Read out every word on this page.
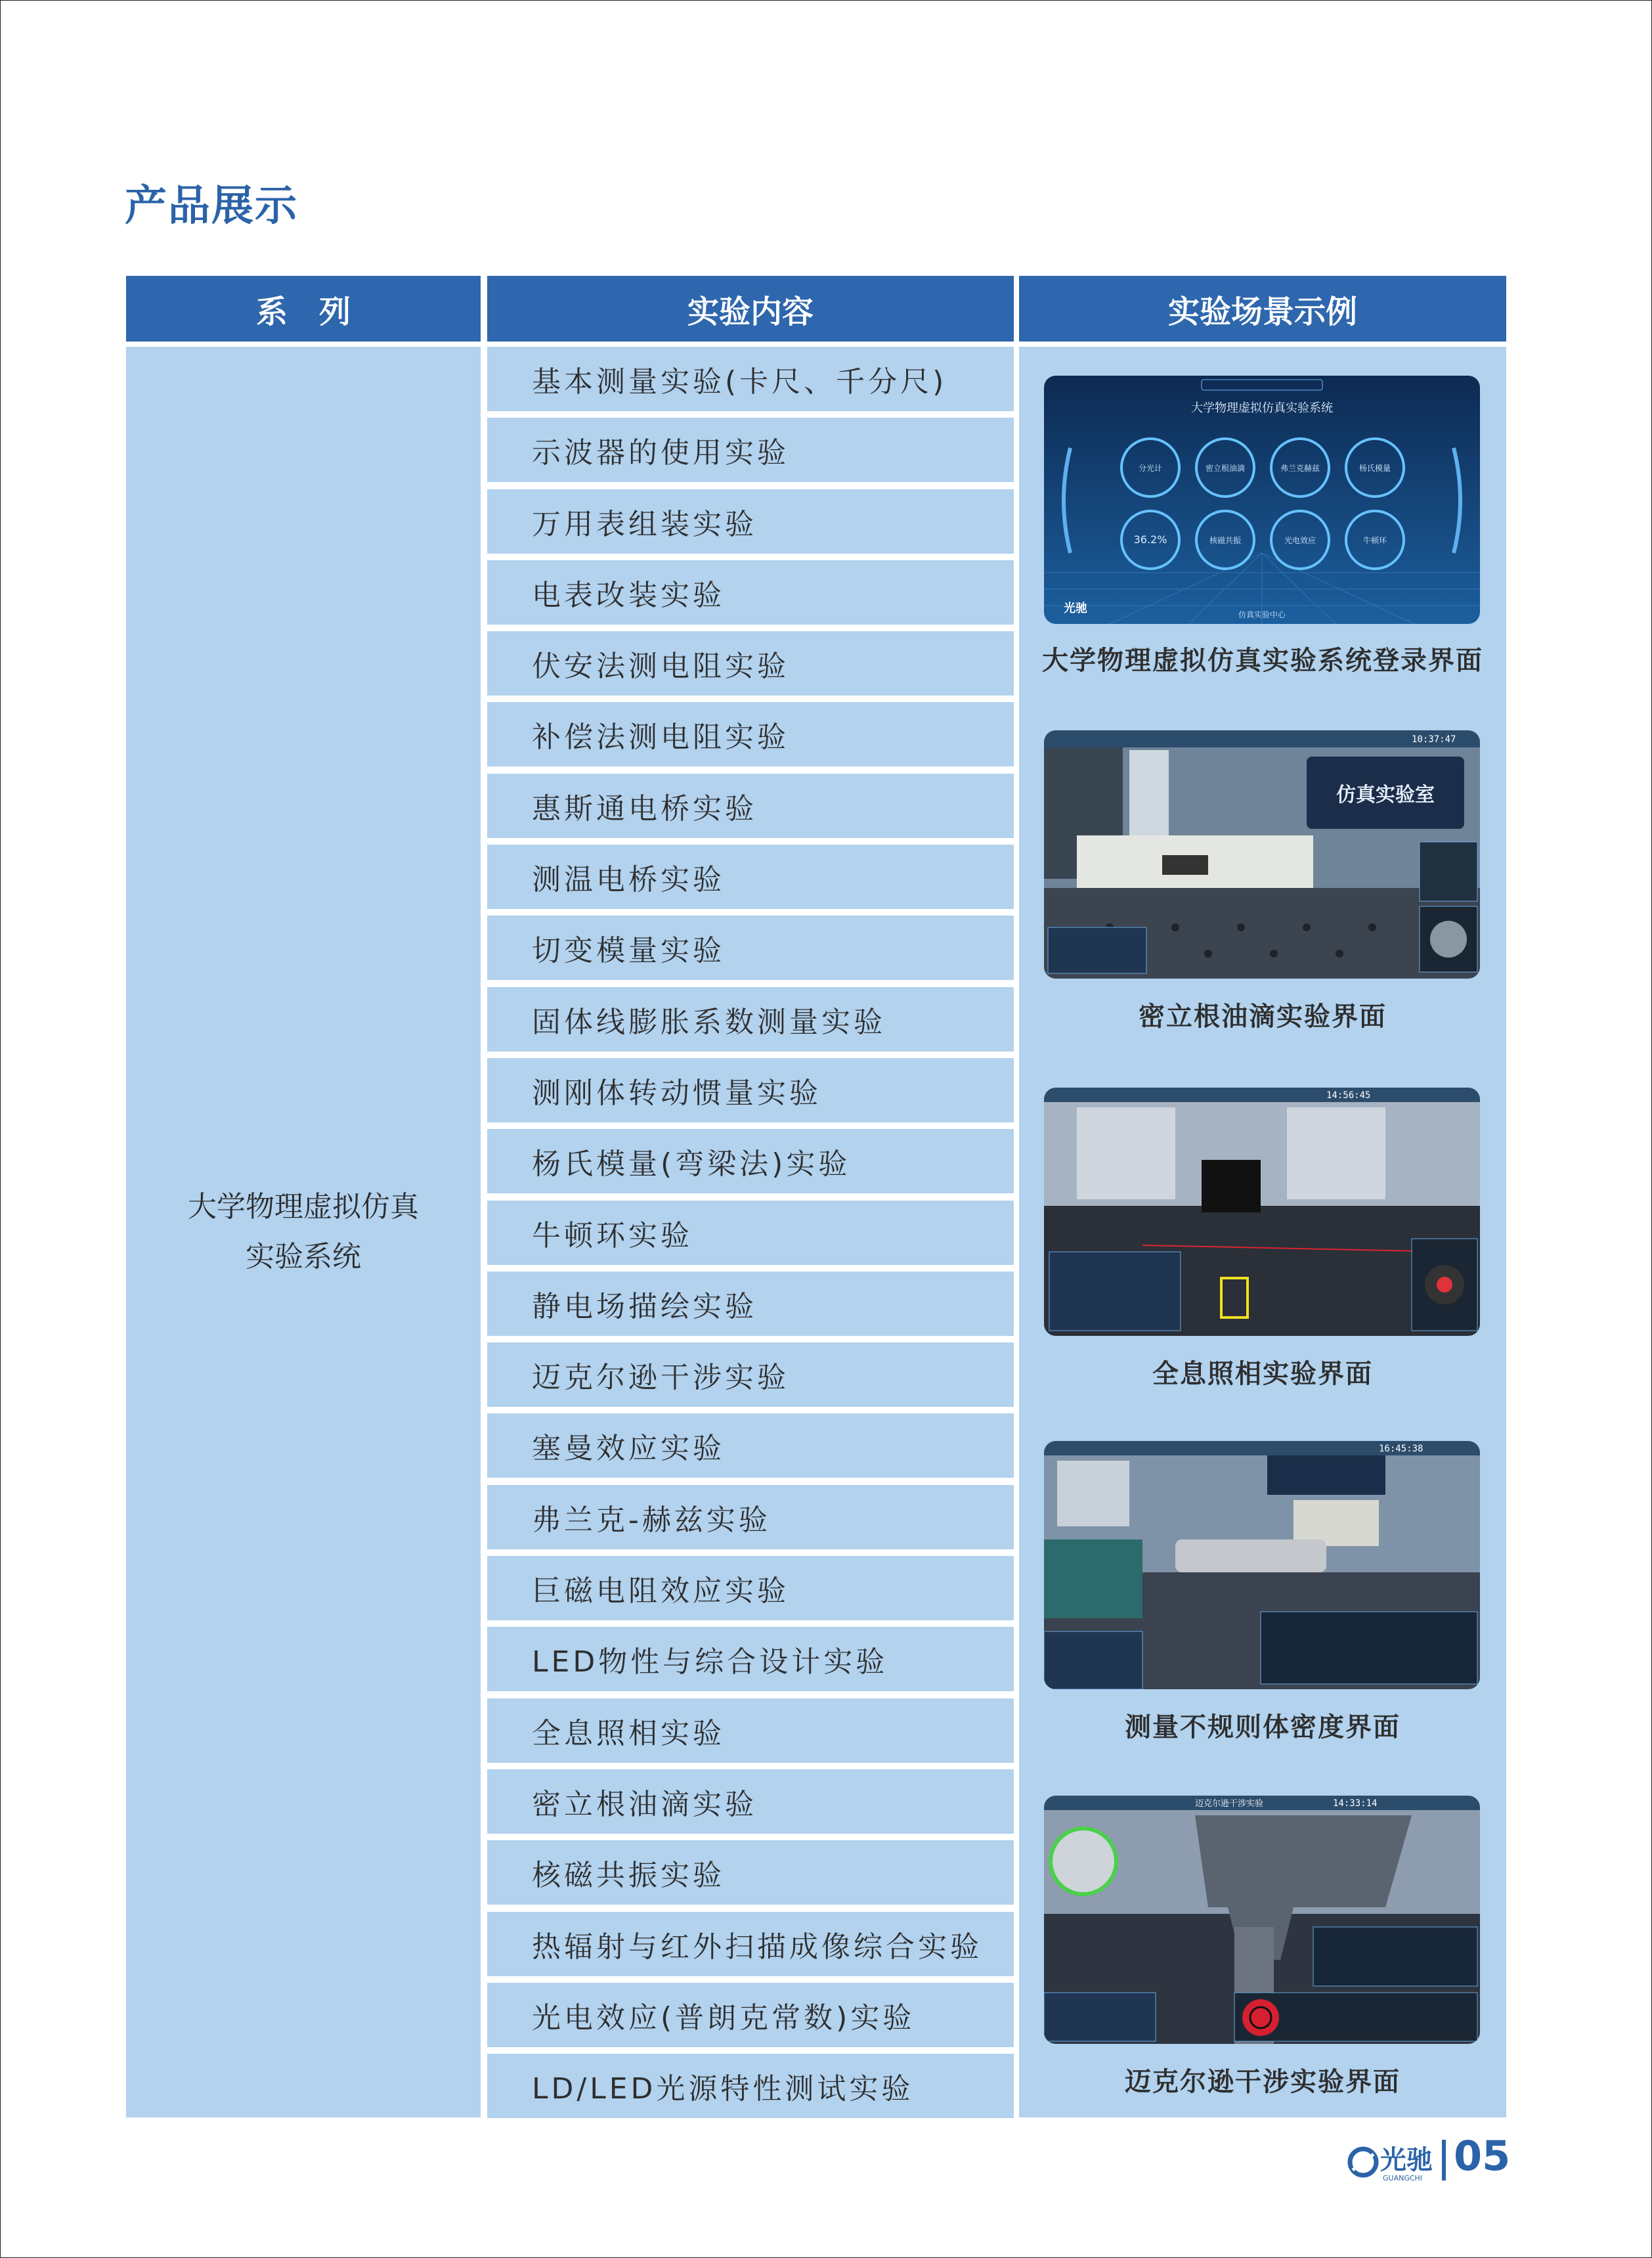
产品展示
系　列	实验内容	实验场景示例
大学物理虚拟仿真
实验系统
基本测量实验(卡尺、千分尺)
示波器的使用实验
万用表组装实验
电表改装实验
伏安法测电阻实验
补偿法测电阻实验
惠斯通电桥实验
测温电桥实验
切变模量实验
固体线膨胀系数测量实验
测刚体转动惯量实验
杨氏模量(弯梁法)实验
牛顿环实验
静电场描绘实验
迈克尔逊干涉实验
塞曼效应实验
弗兰克-赫兹实验
巨磁电阻效应实验
LED物性与综合设计实验
全息照相实验
密立根油滴实验
核磁共振实验
热辐射与红外扫描成像综合实验
光电效应(普朗克常数)实验
LD/LED光源特性测试实验
大学物理虚拟仿真实验系统
分光计	密立根油滴	弗兰克赫兹	杨氏模量
36.2%	核磁共振	光电效应	牛顿环
光驰	仿真实验中心
大学物理虚拟仿真实验系统登录界面
10:37:47
仿真实验室
密立根油滴实验界面
14:56:45
全息照相实验界面
16:45:38
测量不规则体密度界面
迈克尔逊干涉实验	14:33:14
迈克尔逊干涉实验界面
光驰
GUANGCHI 05
